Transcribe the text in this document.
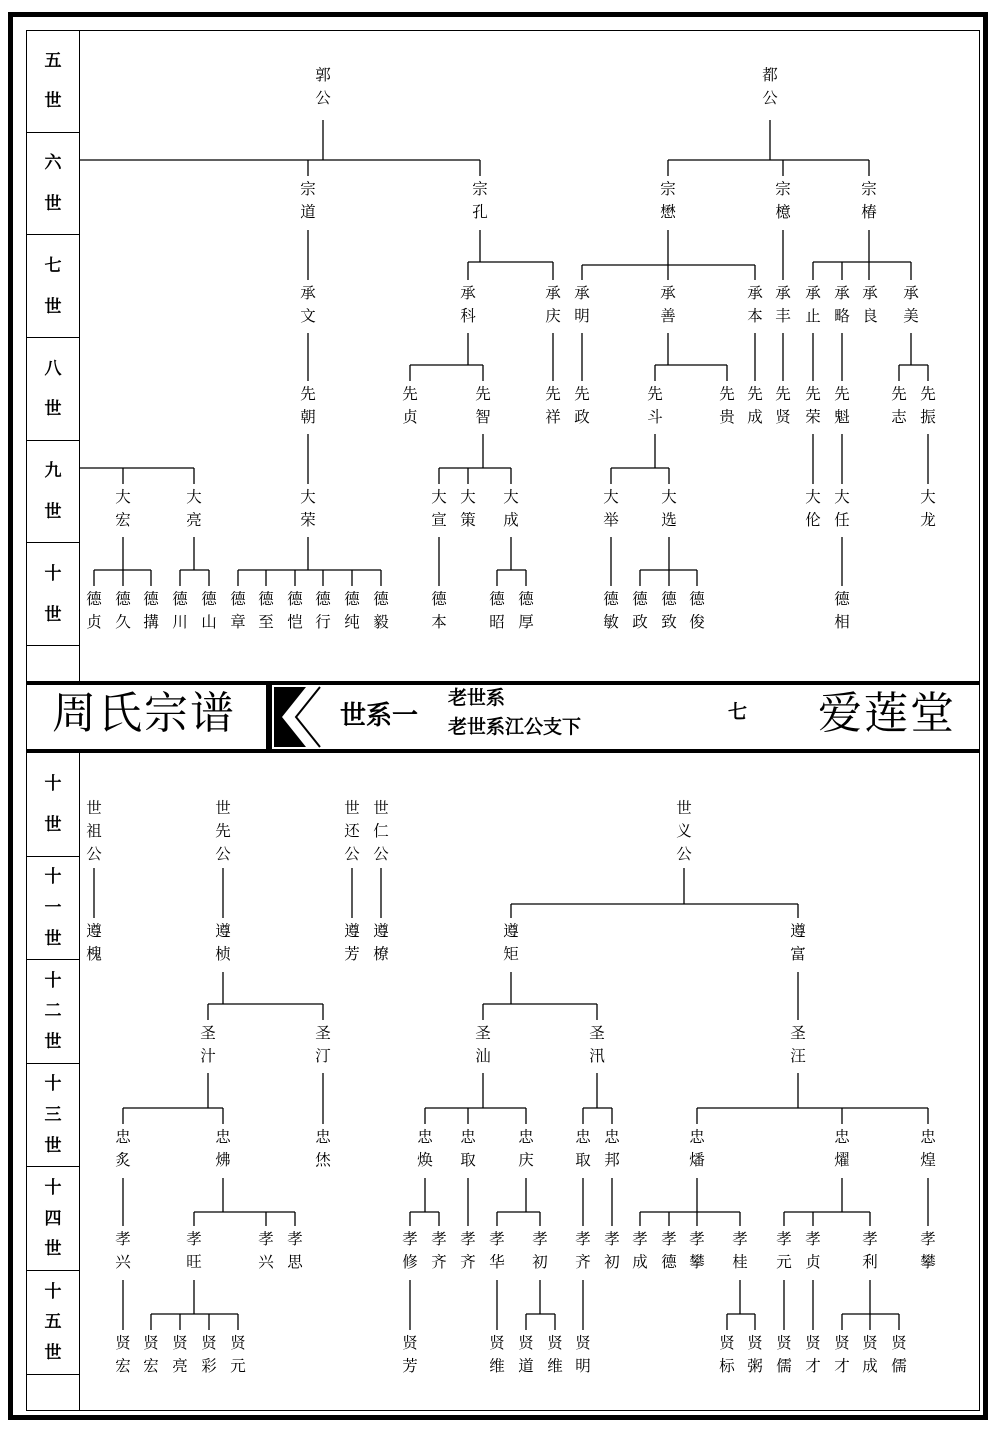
五
世
六
世
七
世
八
世
九
世
十
世
十
世
十
一
世
十
二
世
十
三
世
十
四
世
十
五
世
郭
公
都
公
宗
道
宗
孔
宗
懋
宗
檍
宗
椿
承
文
承
科
承
庆
承
明
承
善
承
本
承
丰
承
止
承
略
承
良
承
美
先
朝
先
贞
先
智
先
祥
先
政
先
斗
先
贵
先
成
先
贤
先
荣
先
魁
先
志
先
振
大
宏
大
亮
大
荣
大
宣
大
策
大
成
大
举
大
选
大
伦
大
任
大
龙
德
贞
德
久
德
搆
德
川
德
山
德
章
德
至
德
恺
德
行
德
纯
德
毅
德
本
德
昭
德
厚
德
敏
德
政
德
致
德
俊
德
相
世
祖
公
世
先
公
世
还
公
世
仁
公
世
义
公
遵
槐
遵
桢
遵
芳
遵
橑
遵
矩
遵
富
圣
汁
圣
汀
圣
汕
圣
汛
圣
汪
忠
炙
忠
炥
忠
烋
忠
焕
忠
取
忠
庆
忠
取
忠
邦
忠
燔
忠
燿
忠
煌
孝
兴
孝
旺
孝
兴
孝
思
孝
修
孝
齐
孝
齐
孝
华
孝
初
孝
齐
孝
初
孝
成
孝
德
孝
攀
孝
桂
孝
元
孝
贞
孝
利
孝
攀
贤
宏
贤
宏
贤
亮
贤
彩
贤
元
贤
芳
贤
维
贤
道
贤
维
贤
明
贤
标
贤
粥
贤
儒
贤
才
贤
才
贤
成
贤
儒
周氏宗谱	世系一
老世系
老世系江公支下
七 爱莲堂
